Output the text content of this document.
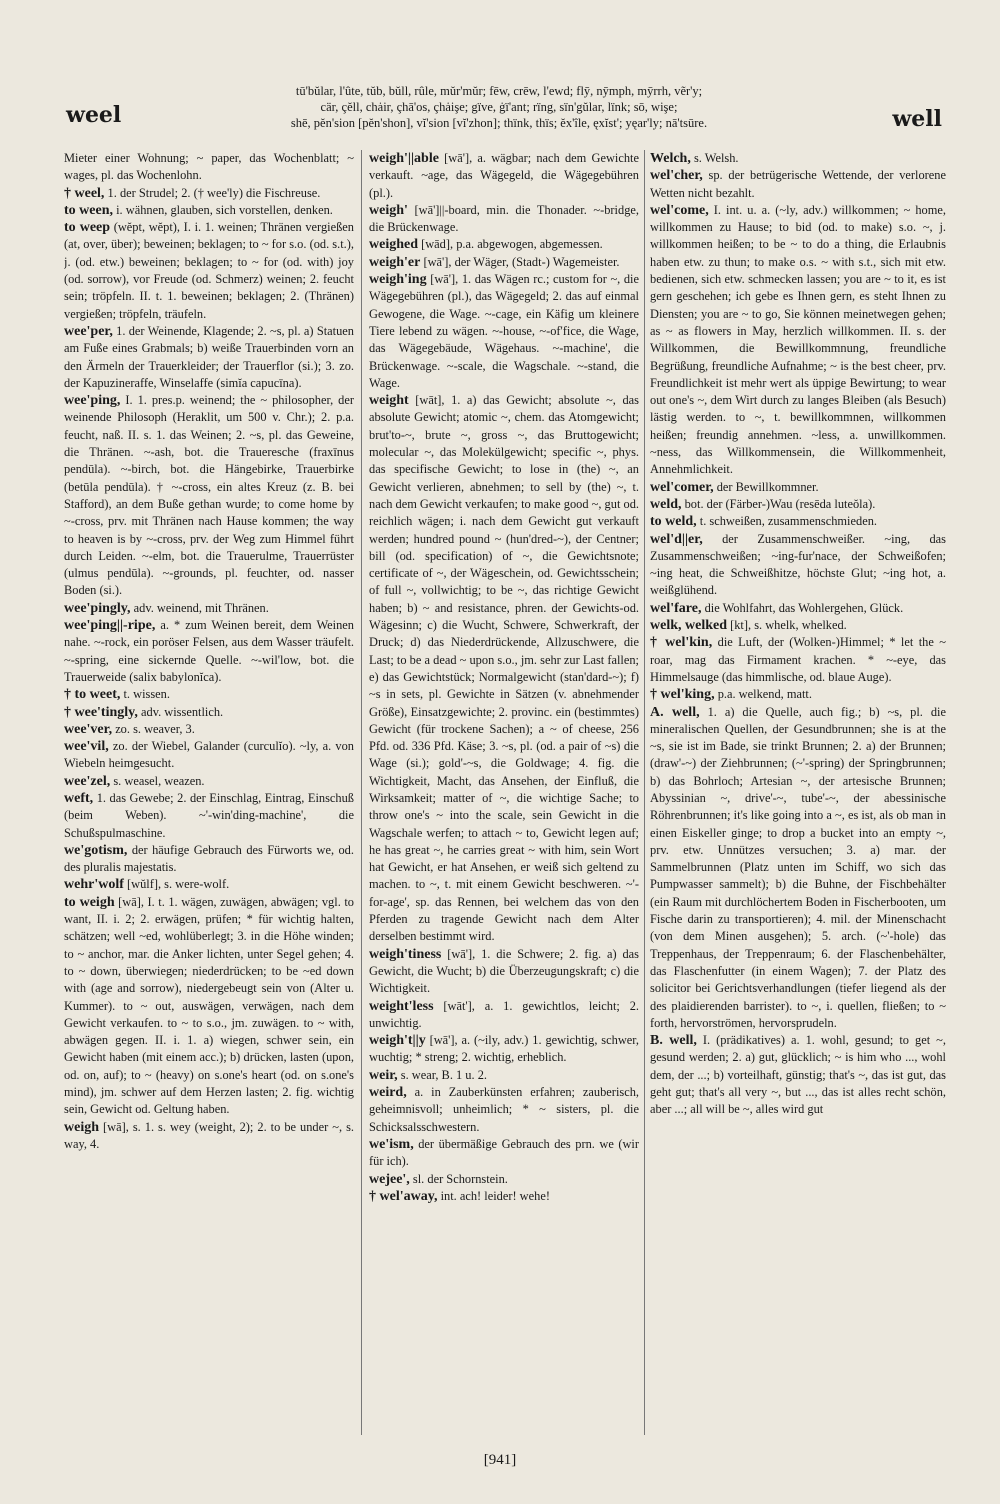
weel
tū'bŭlar, l'ûte, tŭb, bŭll, rûle, mŭr'mŭr; fēw, crēw, l'ewd; flȳ, nȳmph, mȳrrh, vẽr'y;
cär, çĕll, chȧir, çhā'os, çhȧişe; gïve, ġï'ant; rïng, sïn'gŭlar, lïnk; sō, wişe;
shē, pĕn'sion [pĕn'shon], vĭ'sion [vĭ'zhon]; thïnk, thïs; ĕx'île, ęxĭst'; yęar'ly; nā'tsūre.	well

Mieter einer Wohnung; ~ paper, das Wochenblatt; ~ wages, pl. das Wochenlohn.

† weel, 1. der Strudel; 2. († wee'ly) die Fischreuse.

to ween, i. wähnen, glauben, sich vorstellen, denken.

to weep (wĕpt, wĕpt), I. i. 1. weinen; Thränen vergießen (at, over, über); beweinen; beklagen; to ~ for s.o. (od. s.t.), j. (od. etw.) beweinen; beklagen; to ~ for (od. with) joy (od. sorrow), vor Freude (od. Schmerz) weinen; 2. feucht sein; tröpfeln. II. t. 1. beweinen; beklagen; 2. (Thränen) vergießen; tröpfeln, träufeln.

wee'per, 1. der Weinende, Klagende; 2. ~s, pl. a) Statuen am Fuße eines Grabmals; b) weiße Trauerbinden vorn an den Ärmeln der Trauerkleider; der Trauerflor (si.); 3. zo. der Kapuzineraffe, Winselaffe (simĭa capucīna).

wee'ping, I. 1. pres.p. weinend; the ~ philosopher, der weinende Philosoph (Heraklit, um 500 v. Chr.); 2. p.a. feucht, naß. II. s. 1. das Weinen; 2. ~s, pl. das Geweine, die Thränen. ~-ash, bot. die Traueresche (fraxīnus pendūla). ~-birch, bot. die Hängebirke, Trauerbirke (betūla pendūla). † ~-cross, ein altes Kreuz (z. B. bei Stafford), an dem Buße gethan wurde; to come home by ~-cross, prv. mit Thränen nach Hause kommen; the way to heaven is by ~-cross, prv. der Weg zum Himmel führt durch Leiden. ~-elm, bot. die Trauerulme, Trauerrüster (ulmus pendūla). ~-grounds, pl. feuchter, od. nasser Boden (si.).

wee'pingly, adv. weinend, mit Thränen.

wee'ping||-ripe, a. * zum Weinen bereit, dem Weinen nahe. ~-rock, ein poröser Felsen, aus dem Wasser träufelt. ~-spring, eine sickernde Quelle. ~-wil'low, bot. die Trauerweide (salix babylonĭca).

† to weet, t. wissen.

† wee'tingly, adv. wissentlich.

wee'ver, zo. s. weaver, 3.

wee'vil, zo. der Wiebel, Galander (curculĭo). ~ly, a. von Wiebeln heimgesucht.

wee'zel, s. weasel, weazen.

weft, 1. das Gewebe; 2. der Einschlag, Eintrag, Einschuß (beim Weben). ~'-win'ding-machine', die Schußspulmaschine.

we'gotism, der häufige Gebrauch des Fürworts we, od. des pluralis majestatis.

wehr'wolf [wŭlf], s. were-wolf.

to weigh [wā], I. t. 1. wägen, zuwägen, abwägen; vgl. to want, II. i. 2; 2. erwägen, prüfen; * für wichtig halten, schätzen; well ~ed, wohlüberlegt; 3. in die Höhe winden; to ~ anchor, mar. die Anker lichten, unter Segel gehen; 4. to ~ down, überwiegen; niederdrücken; to be ~ed down with (age and sorrow), niedergebeugt sein von (Alter u. Kummer). to ~ out, auswägen, verwägen, nach dem Gewicht verkaufen. to ~ to s.o., jm. zuwägen. to ~ with, abwägen gegen. II. i. 1. a) wiegen, schwer sein, ein Gewicht haben (mit einem acc.); b) drücken, lasten (upon, od. on, auf); to ~ (heavy) on s.one's heart (od. on s.one's mind), jm. schwer auf dem Herzen lasten; 2. fig. wichtig sein, Gewicht od. Geltung haben.

weigh [wā], s. 1. s. wey (weight, 2); 2. to be under ~, s. way, 4.

weigh'||able [wā'], a. wägbar; nach dem Gewichte verkauft. ~age, das Wägegeld, die Wägegebühren (pl.).

weigh' [wā']||-board, min. die Thonader. ~-bridge, die Brückenwage.

weighed [wād], p.a. abgewogen, abgemessen.

weigh'er [wā'], der Wäger, (Stadt-) Wagemeister.

weigh'ing [wā'], 1. das Wägen rc.; custom for ~, die Wägegebühren (pl.), das Wägegeld; 2. das auf einmal Gewogene, die Wage. ~-cage, ein Käfig um kleinere Tiere lebend zu wägen. ~-house, ~-of'fice, die Wage, das Wägegebäude, Wägehaus. ~-machine', die Brückenwage. ~-scale, die Wagschale. ~-stand, die Wage.

weight [wāt], 1. a) das Gewicht; absolute ~, das absolute Gewicht; atomic ~, chem. das Atomgewicht; brut'to-~, brute ~, gross ~, das Bruttogewicht; molecular ~, das Molekülgewicht; specific ~, phys. das specifische Gewicht; to lose in (the) ~, an Gewicht verlieren, abnehmen; to sell by (the) ~, t. nach dem Gewicht verkaufen; to make good ~, gut od. reichlich wägen; i. nach dem Gewicht gut verkauft werden; hundred pound ~ (hun'dred-~), der Centner; bill (od. specification) of ~, die Gewichtsnote; certificate of ~, der Wägeschein, od. Gewichtsschein; of full ~, vollwichtig; to be ~, das richtige Gewicht haben; b) ~ and resistance, phren. der Gewichts-od. Wägesinn; c) die Wucht, Schwere, Schwerkraft, der Druck; d) das Niederdrückende, Allzuschwere, die Last; to be a dead ~ upon s.o., jm. sehr zur Last fallen; e) das Gewichtstück; Normalgewicht (stan'dard-~); f) ~s in sets, pl. Gewichte in Sätzen (v. abnehmender Größe), Einsatzgewichte; 2. provinc. ein (bestimmtes) Gewicht (für trockene Sachen); a ~ of cheese, 256 Pfd. od. 336 Pfd. Käse; 3. ~s, pl. (od. a pair of ~s) die Wage (si.); gold'-~s, die Goldwage; 4. fig. die Wichtigkeit, Macht, das Ansehen, der Einfluß, die Wirksamkeit; matter of ~, die wichtige Sache; to throw one's ~ into the scale, sein Gewicht in die Wagschale werfen; to attach ~ to, Gewicht legen auf; he has great ~, he carries great ~ with him, sein Wort hat Gewicht, er hat Ansehen, er weiß sich geltend zu machen. to ~, t. mit einem Gewicht beschweren. ~'-for-age', sp. das Rennen, bei welchem das von den Pferden zu tragende Gewicht nach dem Alter derselben bestimmt wird.

weigh'tiness [wā'], 1. die Schwere; 2. fig. a) das Gewicht, die Wucht; b) die Überzeugungskraft; c) die Wichtigkeit.

weight'less [wāt'], a. 1. gewichtlos, leicht; 2. unwichtig.

weigh't||y [wā'], a. (~ily, adv.) 1. gewichtig, schwer, wuchtig; * streng; 2. wichtig, erheblich.

weir, s. wear, B. 1 u. 2.

weird, a. in Zauberkünsten erfahren; zauberisch, geheimnisvoll; unheimlich; * ~ sisters, pl. die Schicksalsschwestern.

we'ism, der übermäßige Gebrauch des prn. we (wir für ich).

wejee', sl. der Schornstein.

† wel'away, int. ach! leider! wehe!

Welch, s. Welsh.

wel'cher, sp. der betrügerische Wettende, der verlorene Wetten nicht bezahlt.

wel'come, I. int. u. a. (~ly, adv.) willkommen; ~ home, willkommen zu Hause; to bid (od. to make) s.o. ~, j. willkommen heißen; to be ~ to do a thing, die Erlaubnis haben etw. zu thun; to make o.s. ~ with s.t., sich mit etw. bedienen, sich etw. schmecken lassen; you are ~ to it, es ist gern geschehen; ich gebe es Ihnen gern, es steht Ihnen zu Diensten; you are ~ to go, Sie können meinetwegen gehen; as ~ as flowers in May, herzlich willkommen. II. s. der Willkommen, die Bewillkommnung, freundliche Begrüßung, freundliche Aufnahme; ~ is the best cheer, prv. Freundlichkeit ist mehr wert als üppige Bewirtung; to wear out one's ~, dem Wirt durch zu langes Bleiben (als Besuch) lästig werden. to ~, t. bewillkommnen, willkommen heißen; freundig annehmen. ~less, a. unwillkommen. ~ness, das Willkommensein, die Willkommenheit, Annehmlichkeit.

wel'comer, der Bewillkommner.

weld, bot. der (Färber-)Wau (resēda luteŏla).

to weld, t. schweißen, zusammenschmieden.

wel'd||er, der Zusammenschweißer. ~ing, das Zusammenschweißen; ~ing-fur'nace, der Schweißofen; ~ing heat, die Schweißhitze, höchste Glut; ~ing hot, a. weißglühend.

wel'fare, die Wohlfahrt, das Wohlergehen, Glück.

welk, welked [kt], s. whelk, whelked.

† wel'kin, die Luft, der (Wolken-)Himmel; * let the ~ roar, mag das Firmament krachen. * ~-eye, das Himmelsauge (das himmlische, od. blaue Auge).

† wel'king, p.a. welkend, matt.

A. well, 1. a) die Quelle, auch fig.; b) ~s, pl. die mineralischen Quellen, der Gesundbrunnen; she is at the ~s, sie ist im Bade, sie trinkt Brunnen; 2. a) der Brunnen; (draw'-~) der Ziehbrunnen; (~'-spring) der Springbrunnen; b) das Bohrloch; Artesian ~, der artesische Brunnen; Abyssinian ~, drive'-~, tube'-~, der abessinische Röhrenbrunnen; it's like going into a ~, es ist, als ob man in einen Eiskeller ginge; to drop a bucket into an empty ~, prv. etw. Unnützes versuchen; 3. a) mar. der Sammelbrunnen (Platz unten im Schiff, wo sich das Pumpwasser sammelt); b) die Buhne, der Fischbehälter (ein Raum mit durchlöchertem Boden in Fischerbooten, um Fische darin zu transportieren); 4. mil. der Minenschacht (von dem Minen ausgehen); 5. arch. (~'-hole) das Treppenhaus, der Treppenraum; 6. der Flaschenbehälter, das Flaschenfutter (in einem Wagen); 7. der Platz des solicitor bei Gerichtsverhandlungen (tiefer liegend als der des plaidierenden barrister). to ~, i. quellen, fließen; to ~ forth, hervorströmen, hervorsprudeln.

B. well, I. (prädikatives) a. 1. wohl, gesund; to get ~, gesund werden; 2. a) gut, glücklich; ~ is him who ..., wohl dem, der ...; b) vorteilhaft, günstig; that's ~, das ist gut, das geht gut; that's all very ~, but ..., das ist alles recht schön, aber ...; all will be ~, alles wird gut

[941]
